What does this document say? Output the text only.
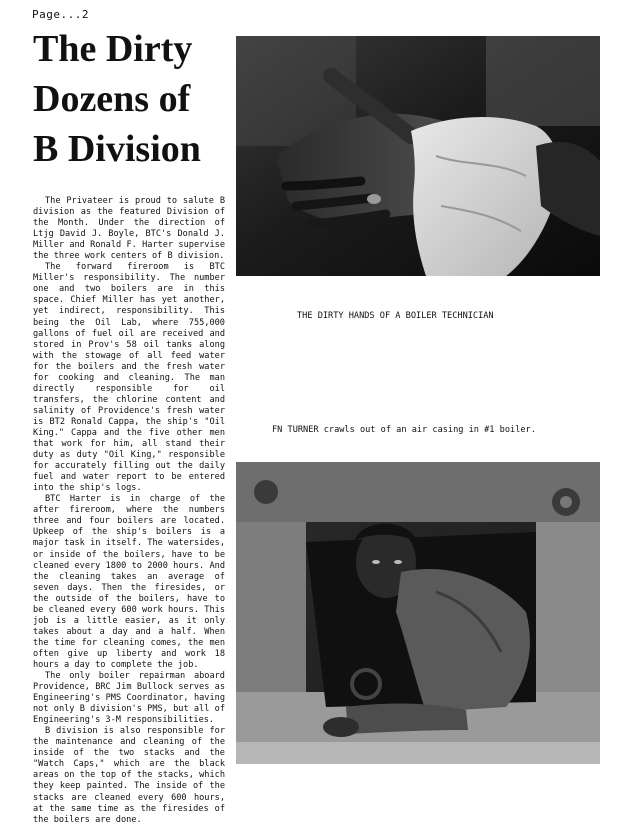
Page...2
The Dirty
Dozens of
B Division

The Privateer is proud to salute B division as the featured Division of the Month. Under the direction of Ltjg David J. Boyle, BTC's Donald J. Miller and Ronald F. Harter supervise the three work centers of B division.

The forward fireroom is BTC Miller's responsibility. The number one and two boilers are in this space. Chief Miller has yet another, yet indirect, responsibility. This being the Oil Lab, where 755,000 gallons of fuel oil are received and stored in Prov's 58 oil tanks along with the stowage of all feed water for the boilers and the fresh water for cooking and cleaning. The man directly responsible for oil transfers, the chlorine content and salinity of Providence's fresh water is BT2 Ronald Cappa, the ship's "Oil King." Cappa and the five other men that work for him, all stand their duty as duty "Oil King," responsible for accurately filling out the daily fuel and water report to be entered into the ship's logs.

BTC Harter is in charge of the after fireroom, where the numbers three and four boilers are located. Upkeep of the ship's boilers is a major task in itself. The watersides, or inside of the boilers, have to be cleaned every 1800 to 2000 hours. And the cleaning takes an average of seven days. Then the firesides, or the outside of the boilers, have to be cleaned every 600 work hours. This job is a little easier, as it only takes about a day and a half. When the time for cleaning comes, the men often give up liberty and work 18 hours a day to complete the job.

The only boiler repairman aboard Providence, BRC Jim Bullock serves as Engineering's PMS Coordinator, having not only B division's PMS, but all of Engineering's 3-M responsibilities.

B division is also responsible for the maintenance and cleaning of the inside of the two stacks and the "Watch Caps," which are the black areas on the top of the stacks, which they keep painted. The inside of the stacks are cleaned every 600 hours, at the same time as the firesides of the boilers are done.

THE DIRTY HANDS OF A BOILER TECHNICIAN
FN TURNER crawls out of an air casing in #1 boiler.
